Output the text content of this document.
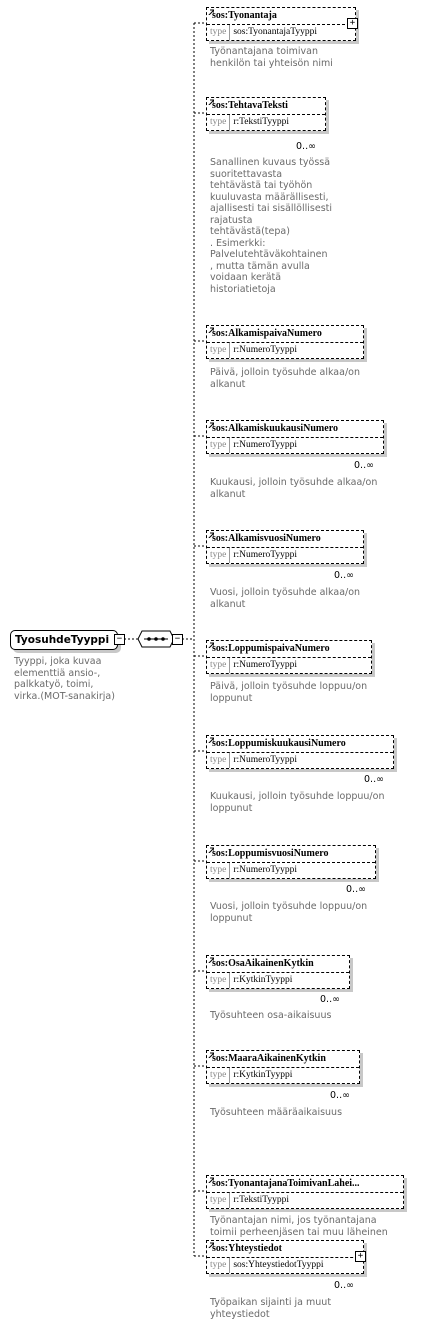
TyosuhdeTyyppi −
Tyyppi, joka kuvaa
elementtiä ansio-,
palkkatyö, toimi,
virka.(MOT-sanakirja)
−
sos:Tyonantaja
type sos:TyonantajaTyyppi
+
Työnantajana toimivan
henkilön tai yhteisön nimi
sos:TehtavaTeksti
type r:TekstiTyyppi
0..∞
Sanallinen kuvaus työssä
suoritettavasta
tehtävästä tai työhön
kuuluvasta määrällisesti,
ajallisesti tai sisällöllisesti
rajatusta
tehtävästä(tepa)
. Esimerkki:
Palvelutehtäväkohtainen
, mutta tämän avulla
voidaan kerätä
historiatietoja
sos:AlkamispaivaNumero
type r:NumeroTyyppi
Päivä, jolloin työsuhde alkaa/on
alkanut
sos:AlkamiskuukausiNumero
type r:NumeroTyyppi
0..∞
Kuukausi, jolloin työsuhde alkaa/on
alkanut
sos:AlkamisvuosiNumero
type r:NumeroTyyppi
0..∞
Vuosi, jolloin työsuhde alkaa/on
alkanut
sos:LoppumispaivaNumero
type r:NumeroTyyppi
Päivä, jolloin työsuhde loppuu/on
loppunut
sos:LoppumiskuukausiNumero
type r:NumeroTyyppi
0..∞
Kuukausi, jolloin työsuhde loppuu/on
loppunut
sos:LoppumisvuosiNumero
type r:NumeroTyyppi
0..∞
Vuosi, jolloin työsuhde loppuu/on
loppunut
sos:OsaAikainenKytkin
type r:KytkinTyyppi
0..∞
Työsuhteen osa-aikaisuus
sos:MaaraAikainenKytkin
type r:KytkinTyyppi
0..∞
Työsuhteen määräaikaisuus
sos:TyonantajanaToimivanLahei...
type r:TekstiTyyppi
Työnantajan nimi, jos työnantajana
toimii perheenjäsen tai muu läheinen
sos:Yhteystiedot
type sos:YhteystiedotTyyppi
+
0..∞
Työpaikan sijainti ja muut
yhteystiedot
